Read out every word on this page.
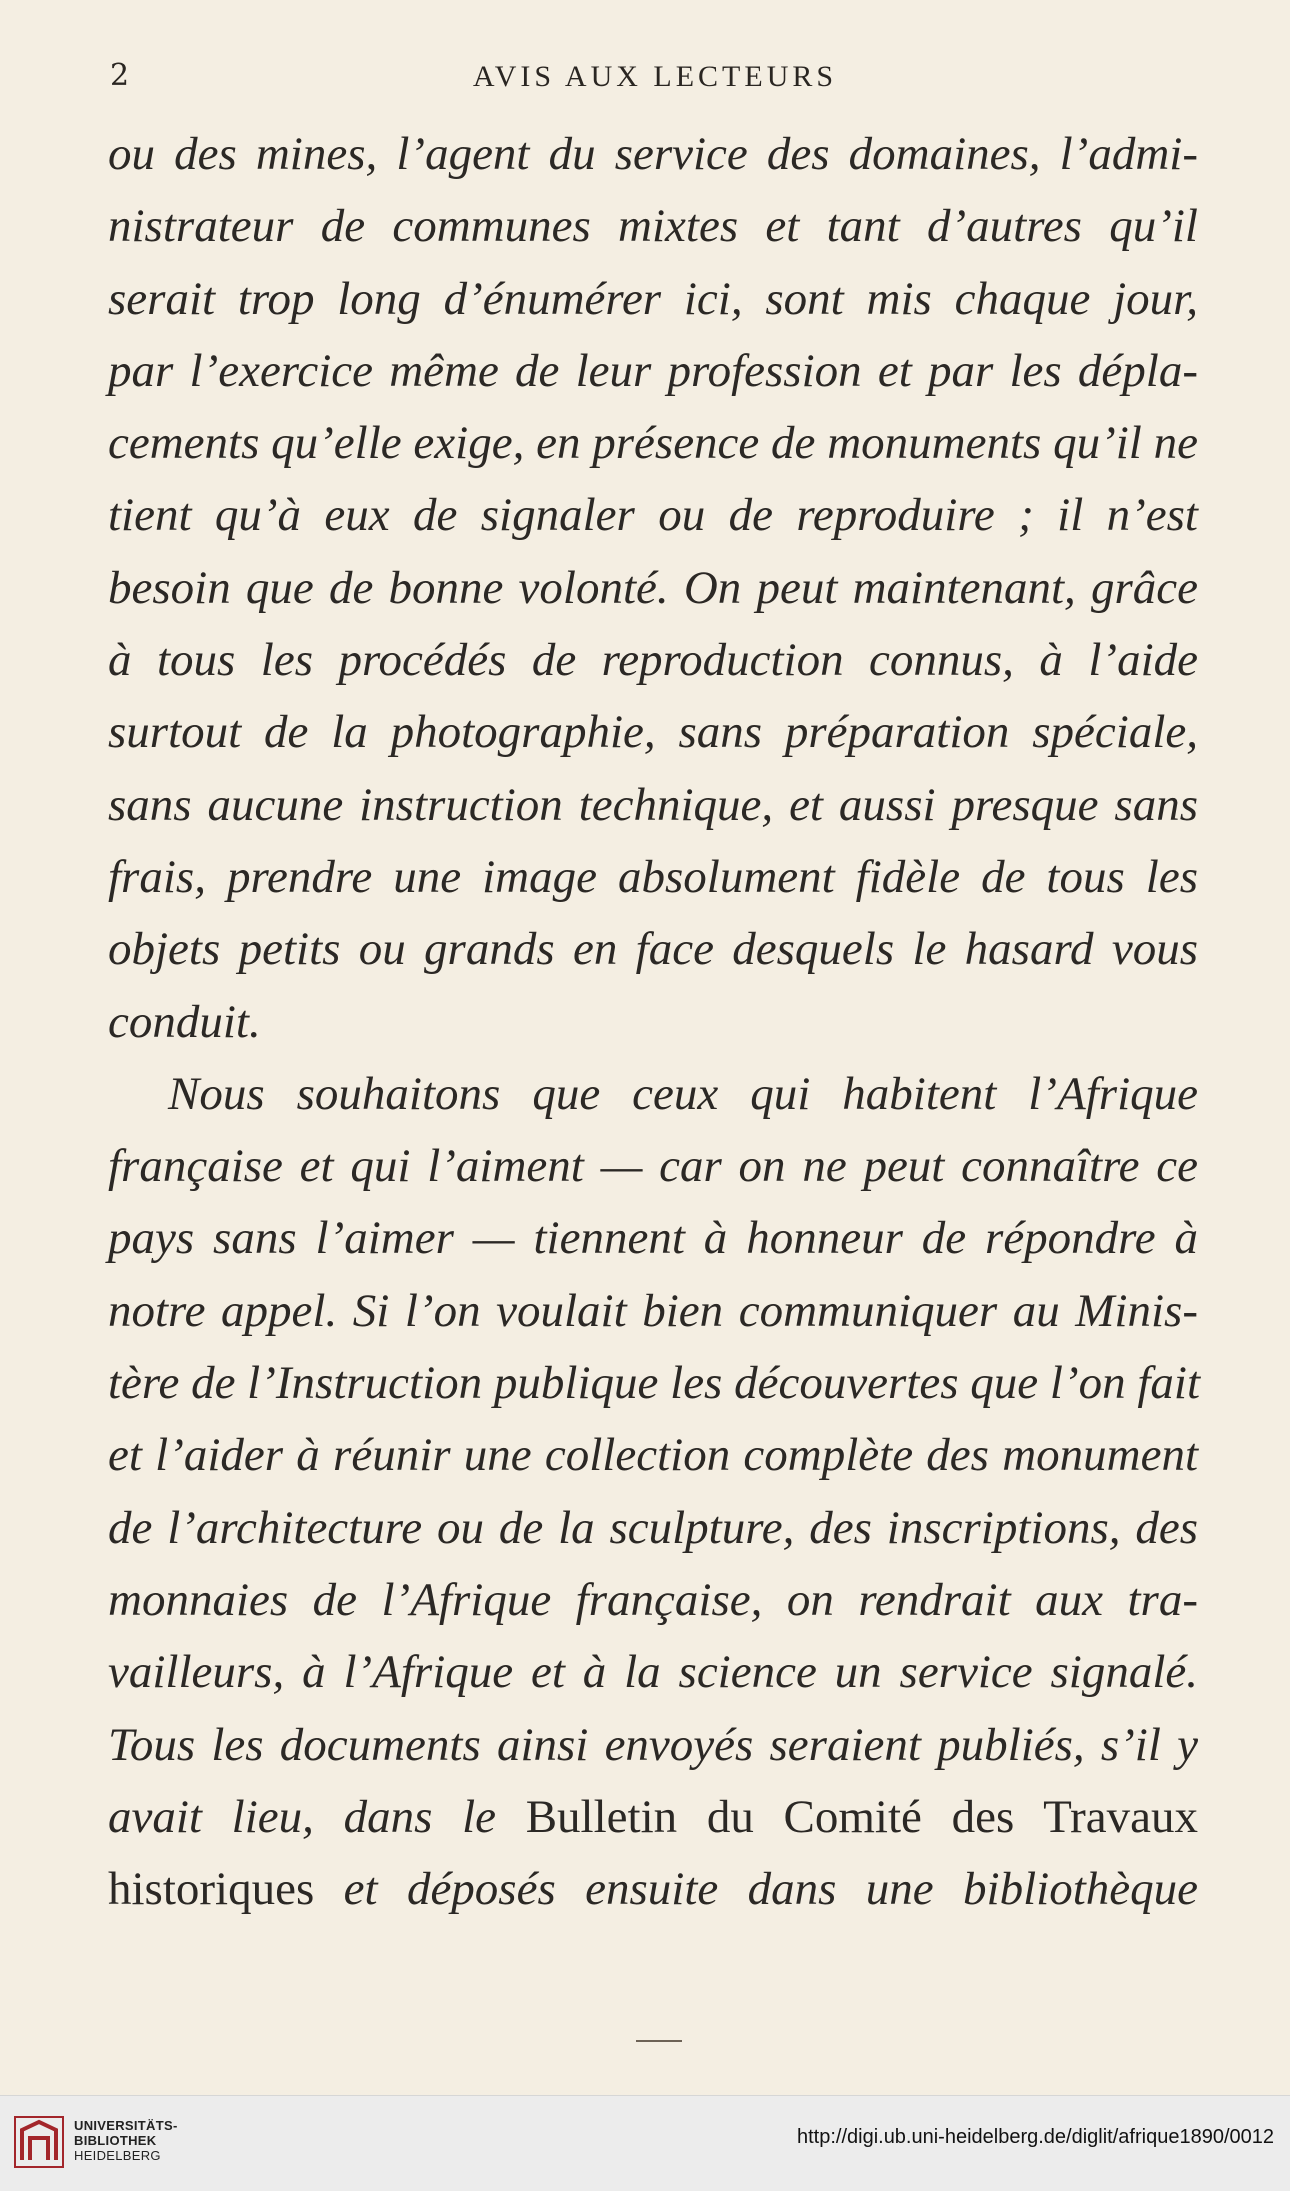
2	AVIS AUX LECTEURS
ou des mines, l’agent du service des domaines, l’admi-
nistrateur de communes mixtes et tant d’autres qu’il
serait trop long d’énumérer ici, sont mis chaque jour,
par l’exercice même de leur profession et par les dépla-
cements qu’elle exige, en présence de monuments qu’il ne
tient qu’à eux de signaler ou de reproduire ; il n’est
besoin que de bonne volonté. On peut maintenant, grâce
à tous les procédés de reproduction connus, à l’aide
surtout de la photographie, sans préparation spéciale,
sans aucune instruction technique, et aussi presque sans
frais, prendre une image absolument fidèle de tous les
objets petits ou grands en face desquels le hasard vous
conduit.
Nous souhaitons que ceux qui habitent l’Afrique
française et qui l’aiment — car on ne peut connaître ce
pays sans l’aimer — tiennent à honneur de répondre à
notre appel. Si l’on voulait bien communiquer au Minis-
tère de l’Instruction publique les découvertes que l’on fait
et l’aider à réunir une collection complète des monument
de l’architecture ou de la sculpture, des inscriptions, des
monnaies de l’Afrique française, on rendrait aux tra-
vailleurs, à l’Afrique et à la science un service signalé.
Tous les documents ainsi envoyés seraient publiés, s’il y
avait lieu, dans le Bulletin du Comité des Travaux
historiques et déposés ensuite dans une bibliothèque
UNIVERSITÄTS-
BIBLIOTHEK
HEIDELBERG
http://digi.ub.uni-heidelberg.de/diglit/afrique1890/0012
